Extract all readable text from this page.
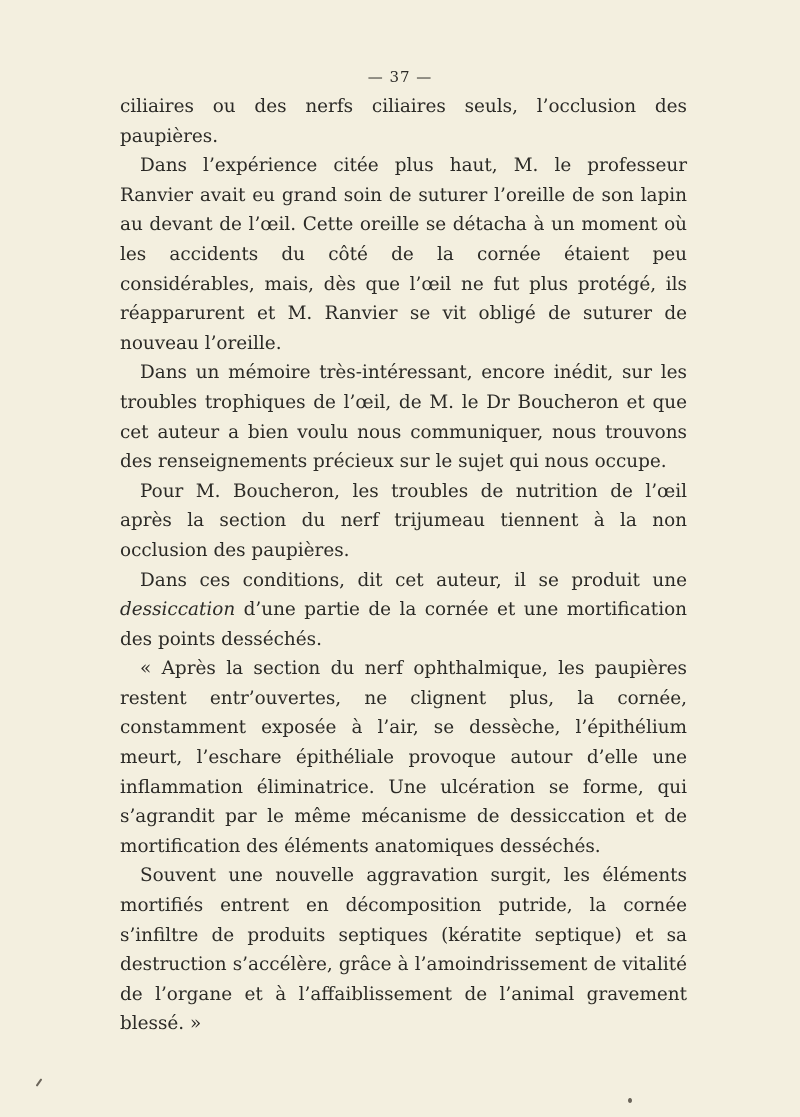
— 37 —

ciliaires ou des nerfs ciliaires seuls, l’occlusion des paupières.

Dans l’expérience citée plus haut, M. le professeur Ranvier avait eu grand soin de suturer l’oreille de son lapin au devant de l’œil. Cette oreille se détacha à un moment où les accidents du côté de la cornée étaient peu considérables, mais, dès que l’œil ne fut plus protégé, ils réapparurent et M. Ranvier se vit obligé de suturer de nouveau l’oreille.

Dans un mémoire très-intéressant, encore inédit, sur les troubles trophiques de l’œil, de M. le Dr Boucheron et que cet auteur a bien voulu nous communiquer, nous trouvons des renseignements précieux sur le sujet qui nous occupe.

Pour M. Boucheron, les troubles de nutrition de l’œil après la section du nerf trijumeau tiennent à la non occlusion des paupières.

Dans ces conditions, dit cet auteur, il se produit une dessiccation d’une partie de la cornée et une mortification des points desséchés.

« Après la section du nerf ophthalmique, les paupières restent entr’ouvertes, ne clignent plus, la cornée, constamment exposée à l’air, se dessèche, l’épithélium meurt, l’eschare épithéliale provoque autour d’elle une inflammation éliminatrice. Une ulcération se forme, qui s’agrandit par le même mécanisme de dessiccation et de mortification des éléments anatomiques desséchés.

Souvent une nouvelle aggravation surgit, les éléments mortifiés entrent en décomposition putride, la cornée s’infiltre de produits septiques (kératite septique) et sa destruction s’accélère, grâce à l’amoindrissement de vitalité de l’organe et à l’affaiblissement de l’animal gravement blessé. »
